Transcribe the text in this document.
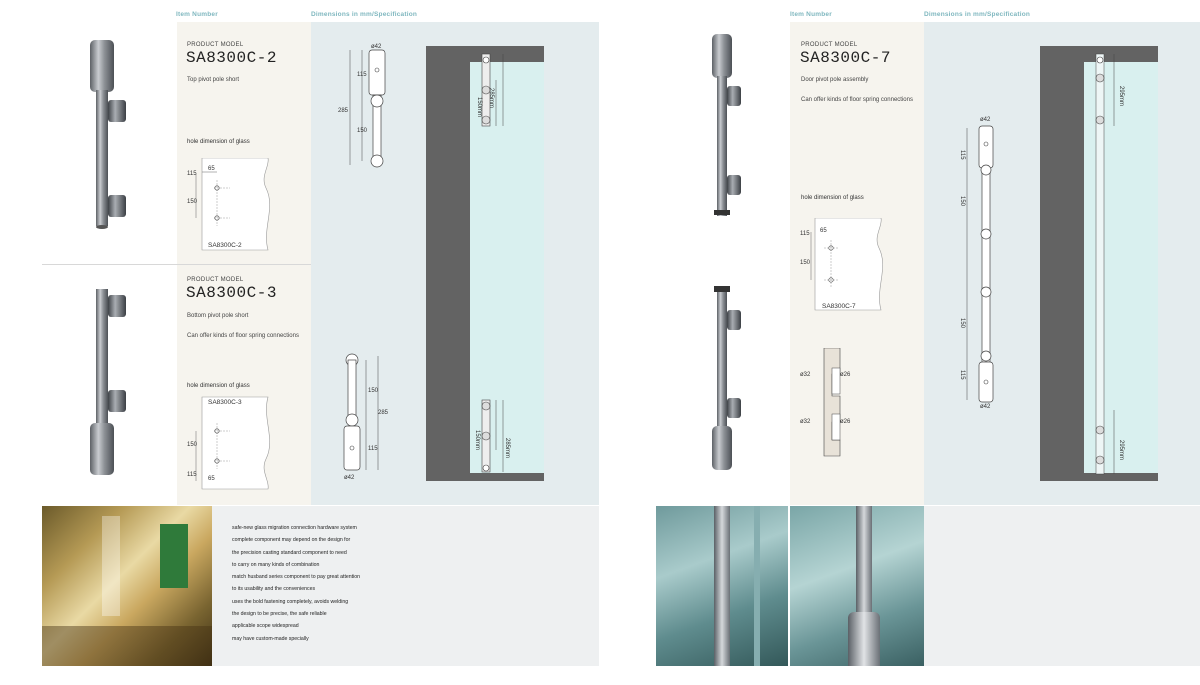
Item Number	Dimensions in mm/Specification	Item Number	Dimensions in mm/Specification
PRODUCT MODEL
SA8300C-2
Top pivot pole short
hole dimension of glass
115
150
65
SA8300C-2
PRODUCT MODEL
SA8300C-3
Bottom pivot pole short
Can offer kinds of floor spring connections
hole dimension of glass
SA8300C-3
150
115
65
ø42
115
285
150
150
285
115
ø42
285mm
150mm
285mm
150mm
safe-new glass migration connection hardware system
complete component may depend on the design for
the precision casting standard component to need
to carry on many kinds of combination
match husband series component to pay great attention
to its usability and the conveniences
uses the bold fastening completely, avoids welding
the design to be precise, the safe reliable
applicable scope widespread
may have custom-made specially
PRODUCT MODEL
SA8300C-7
Door pivot pole assembly
Can offer kinds of floor spring connections
hole dimension of glass
65
115
150
SA8300C-7
ø32	ø26
ø32	ø26
ø42
115
150
150
115
ø42
295mm
295mm
